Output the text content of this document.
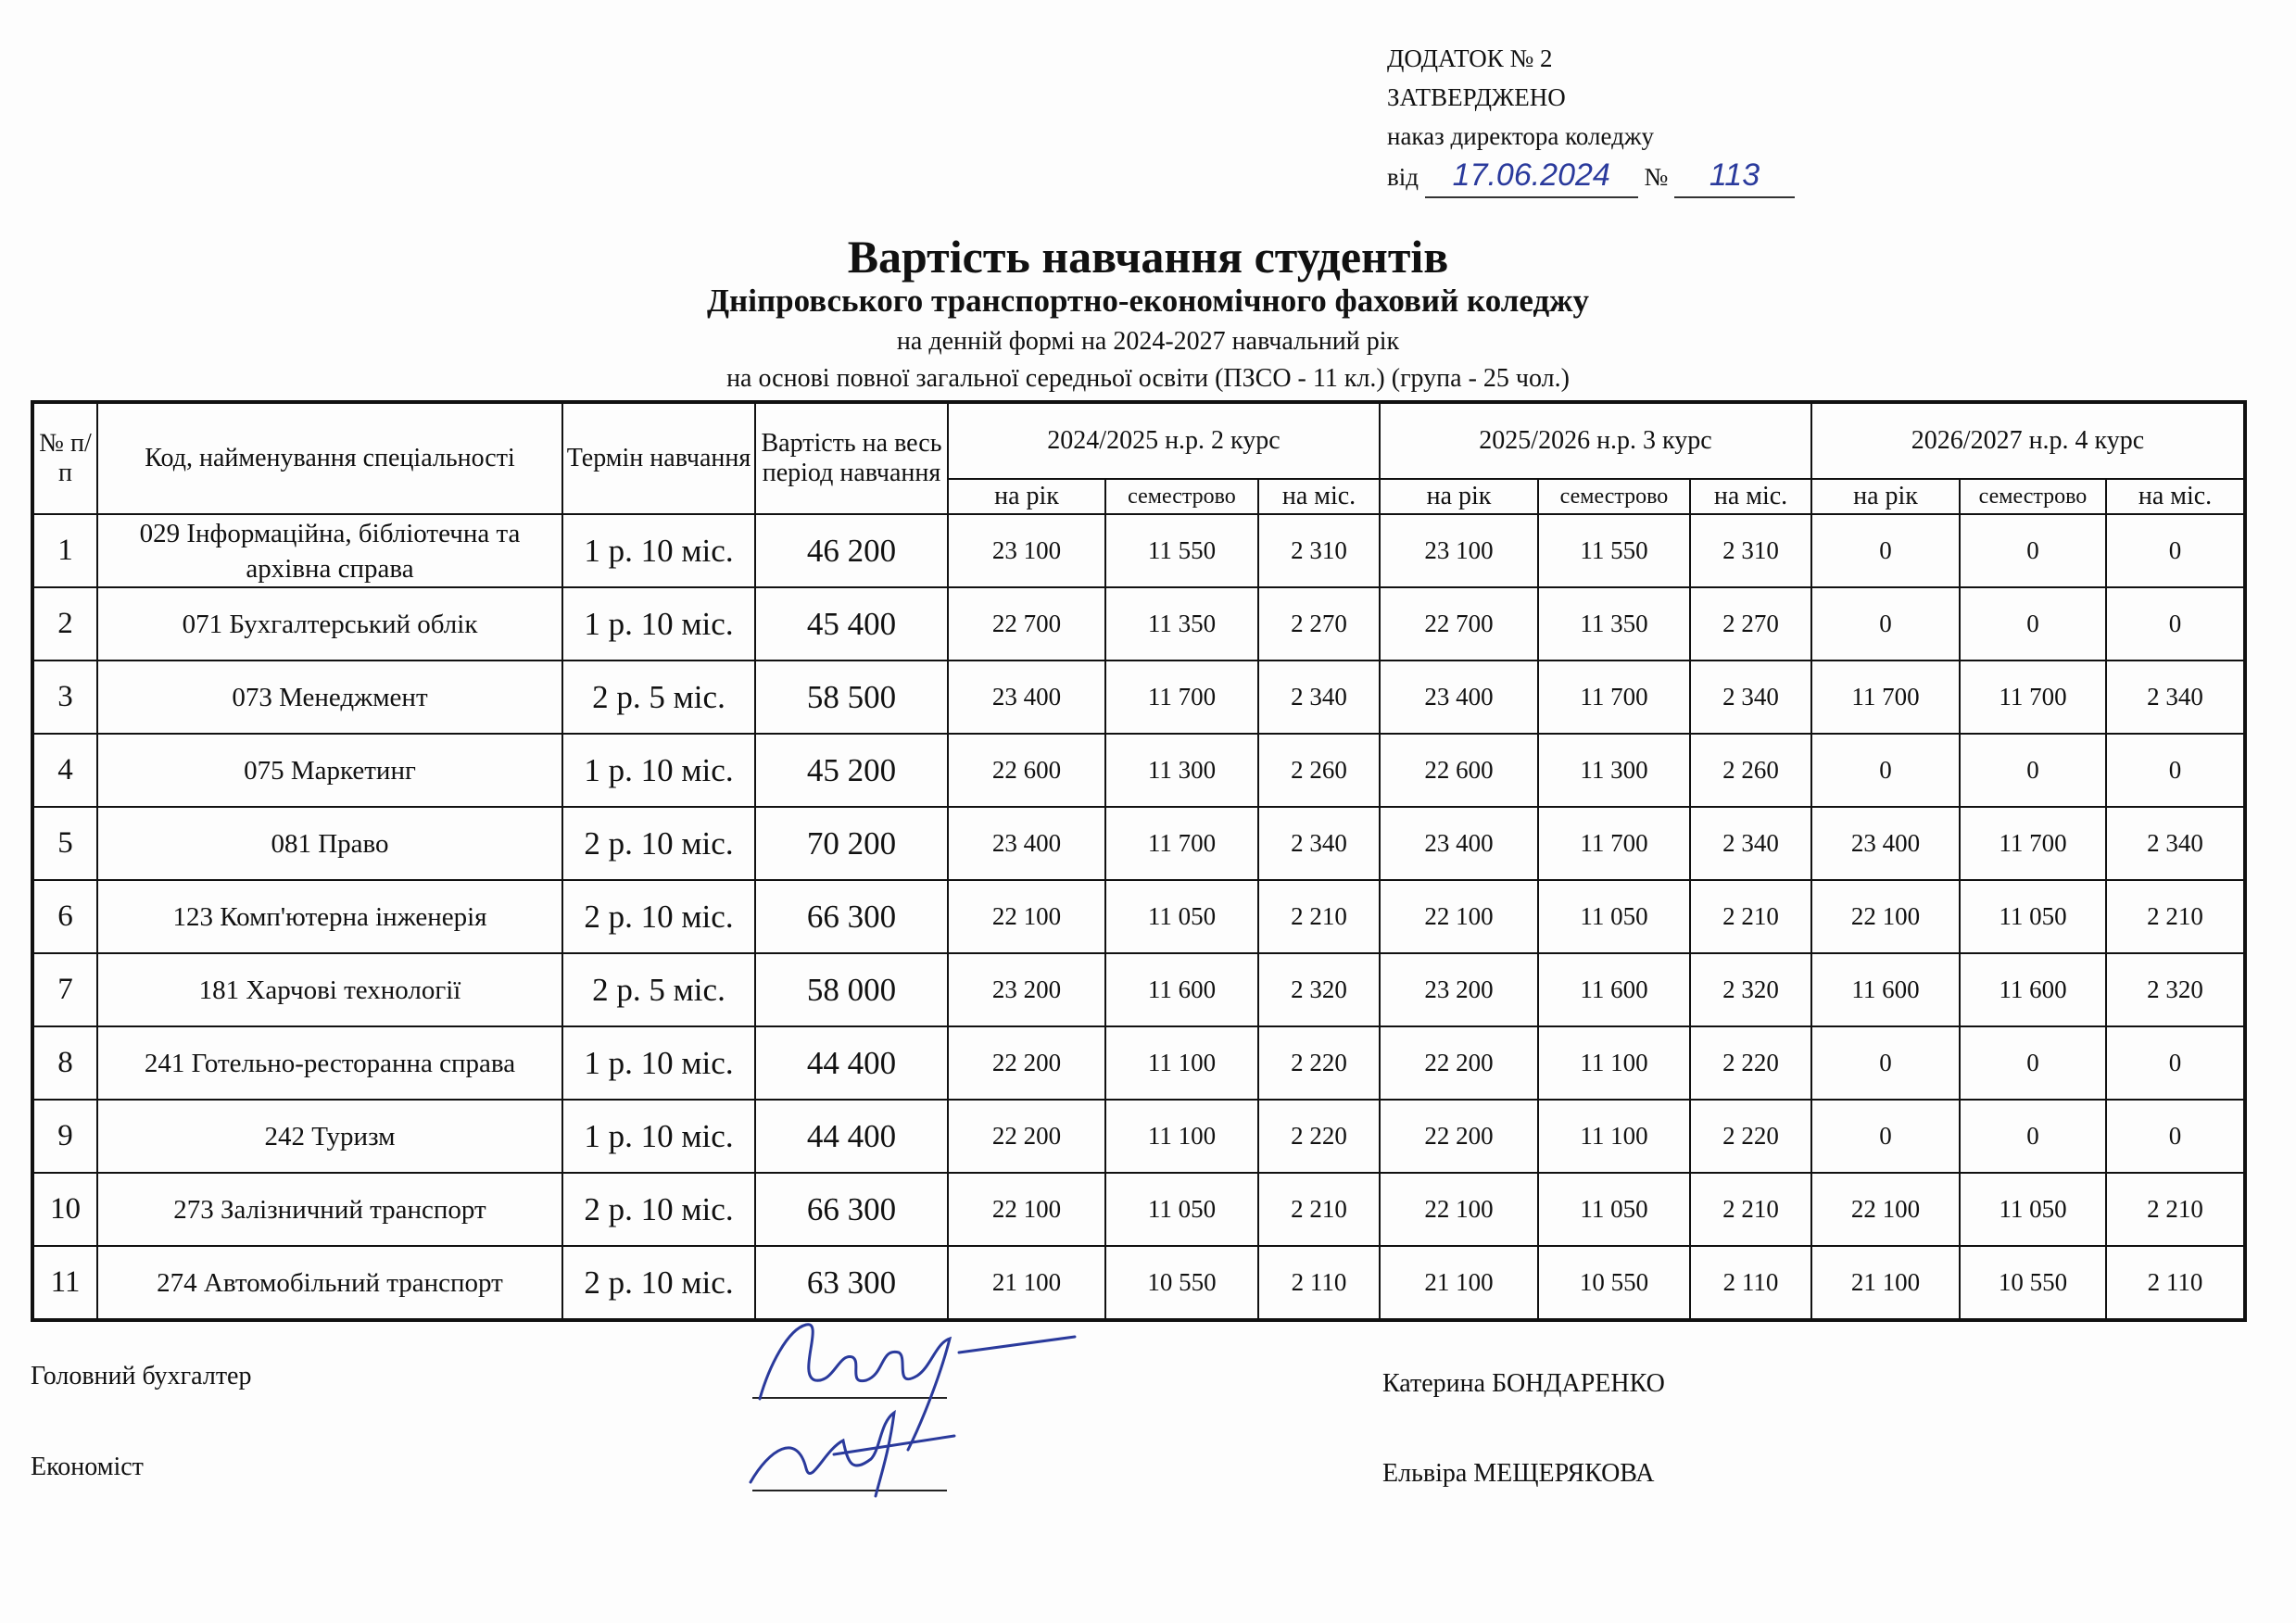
ДОДАТОК № 2
ЗАТВЕРДЖЕНО
наказ директора коледжу
від 17.06.2024 № 113
Вартість навчання студентів
Дніпровського транспортно-економічного фаховий коледжу
на денній формі на 2024-2027 навчальний рік
на основі повної загальної середньої освіти (ПЗСО - 11 кл.) (група - 25 чол.)
№ п/п	Код, найменування спеціальності	Термін навчання	Вартість на весь період навчання	2024/2025 н.р. 2 курс			2025/2026 н.р. 3 курс			2026/2027 н.р. 4 курс		
				на рік	семестрово	на міс.	на рік	семестрово	на міс.	на рік	семестрово	на міс.
1	029 Інформаційна, бібліотечна та архівна справа	1 р. 10 міс.	46 200	23 100	11 550	2 310	23 100	11 550	2 310	0	0	0
2	071 Бухгалтерський облік	1 р. 10 міс.	45 400	22 700	11 350	2 270	22 700	11 350	2 270	0	0	0
3	073 Менеджмент	2 р. 5 міс.	58 500	23 400	11 700	2 340	23 400	11 700	2 340	11 700	11 700	2 340
4	075 Маркетинг	1 р. 10 міс.	45 200	22 600	11 300	2 260	22 600	11 300	2 260	0	0	0
5	081 Право	2 р. 10 міс.	70 200	23 400	11 700	2 340	23 400	11 700	2 340	23 400	11 700	2 340
6	123 Комп'ютерна інженерія	2 р. 10 міс.	66 300	22 100	11 050	2 210	22 100	11 050	2 210	22 100	11 050	2 210
7	181 Харчові технології	2 р. 5 міс.	58 000	23 200	11 600	2 320	23 200	11 600	2 320	11 600	11 600	2 320
8	241 Готельно-ресторанна справа	1 р. 10 міс.	44 400	22 200	11 100	2 220	22 200	11 100	2 220	0	0	0
9	242 Туризм	1 р. 10 міс.	44 400	22 200	11 100	2 220	22 200	11 100	2 220	0	0	0
10	273 Залізничний транспорт	2 р. 10 міс.	66 300	22 100	11 050	2 210	22 100	11 050	2 210	22 100	11 050	2 210
11	274 Автомобільний транспорт	2 р. 10 міс.	63 300	21 100	10 550	2 110	21 100	10 550	2 110	21 100	10 550	2 110
Головний бухгалтер	Катерина БОНДАРЕНКО
Економіст	Ельвіра МЕЩЕРЯКОВА
